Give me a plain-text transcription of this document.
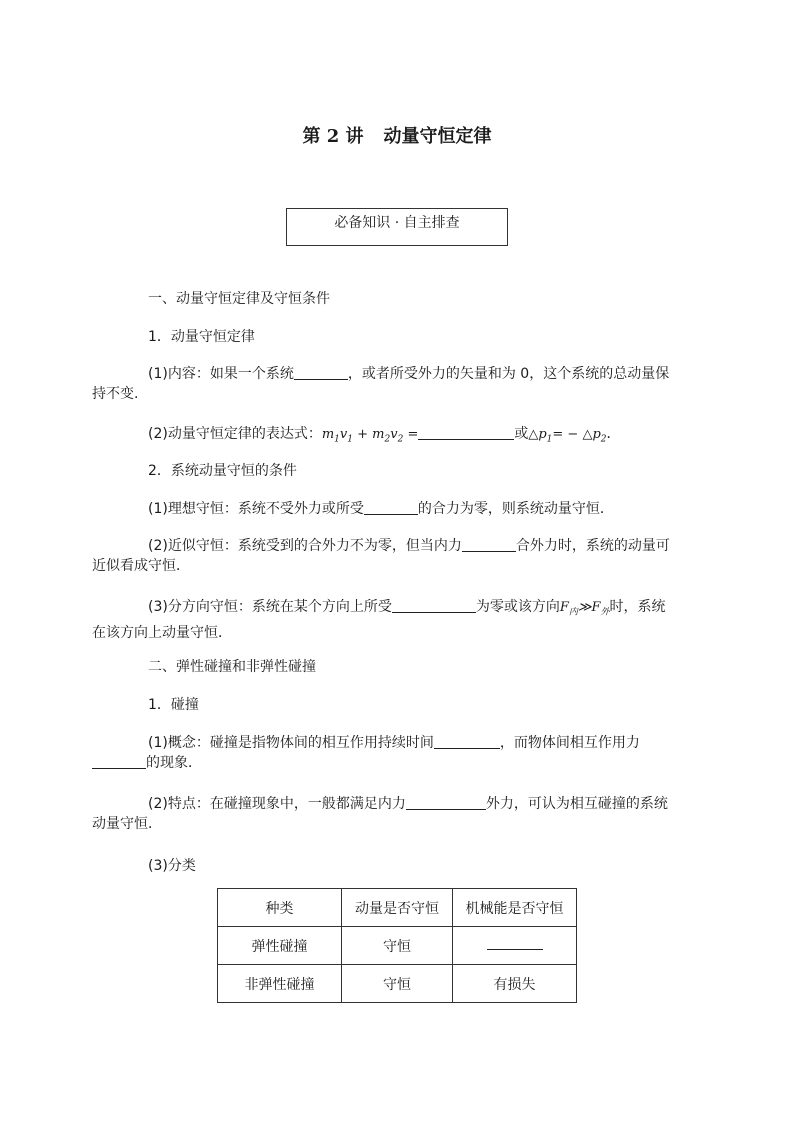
第 2 讲 动量守恒定律
必备知识 · 自主排查
一、动量守恒定律及守恒条件
1．动量守恒定律
(1)内容：如果一个系统	，或者所受外力的矢量和为 0，这个系统的总动量保
持不变.
(2)动量守恒定律的表达式：$m_1v_1 + m_2v_2$ =	或$\triangle p_1=$ − $\triangle p_2$．
2．系统动量守恒的条件
(1)理想守恒：系统不受外力或所受	的合力为零，则系统动量守恒．
(2)近似守恒：系统受到的合外力不为零，但当内力	合外力时，系统的动量可
近似看成守恒．
(3)分方向守恒：系统在某个方向上所受	为零或该方向$F_内≫F_外$时，系统
在该方向上动量守恒．
二、弹性碰撞和非弹性碰撞
1．碰撞
(1)概念：碰撞是指物体间的相互作用持续时间	，而物体间相互作用力
的现象．
(2)特点：在碰撞现象中，一般都满足内力	外力，可认为相互碰撞的系统
动量守恒．
(3)分类
种类	动量是否守恒	机械能是否守恒
弹性碰撞	守恒	
非弹性碰撞	守恒	有损失
